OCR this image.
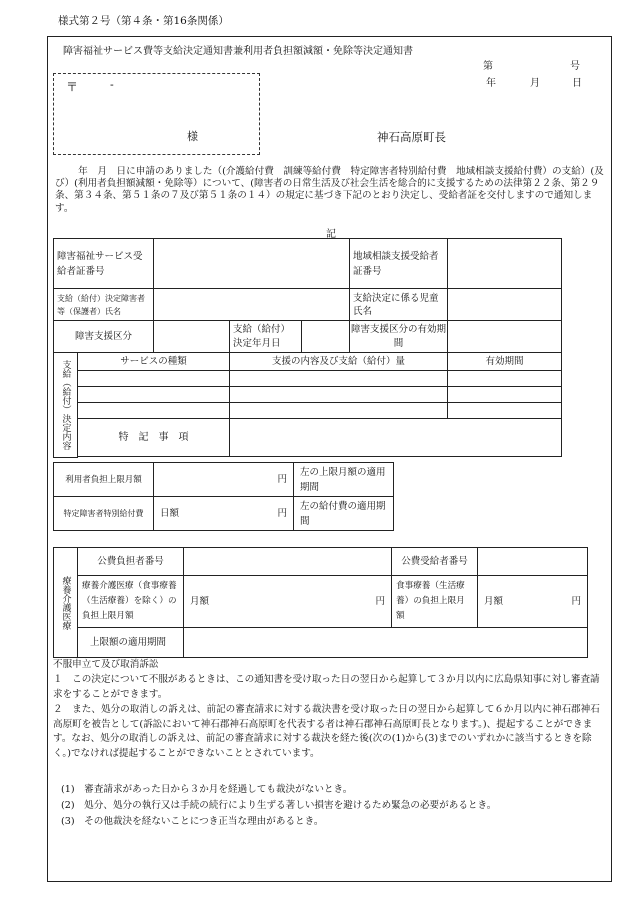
様式第２号（第４条・第16条関係）
障害福祉サービス費等支給決定通知書兼利用者負担額減額・免除等決定通知書
第	号
年	月	日
〒	-
様	神石高原町長
　　年　月　日に申請のありました（(介護給付費　訓練等給付費　特定障害者特別給付費　地域相談支援給付費）の支給）(及び）(利用者負担額減額・免除等）について、(障害者の日常生活及び社会生活を総合的に支援するための法律第２２条、第２９条、第３４条、第５１条の７及び第５１条の１４）の規定に基づき下記のとおり決定し、受給者証を交付しますので通知します。
記
障害福祉サービス受給者証番号					地域相談支援受給者証番号	

支給（給付）決定障害者等（保護者）氏名					支給決定に係る児童氏名	
障害支援区分			支給（給付）決定年月日		障害支援区分の有効期間	

支給（給付）決定内容	サービスの種類		支援の内容及び支給（給付）量			有効期間

	特　記　事　項					

利用者負担上限月額	円	左の上限月額の適用期間
特定障害者特別給付費	日額 円	左の給付費の適用期間
療養介護医療	公費負担者番号		公費受給者番号	

	療養介護医療（食事療養（生活療養）を除く）の負担上限月額	月額 円	食事療養（生活療養）の負担上限月額	月額 円

	上限額の適用期間			
不服申立て及び取消訴訟
１　この決定について不服があるときは、この通知書を受け取った日の翌日から起算して３か月以内に広島県知事に対し審査請求をすることができます。
２　また、処分の取消しの訴えは、前記の審査請求に対する裁決書を受け取った日の翌日から起算して６か月以内に神石郡神石高原町を被告として(訴訟において神石郡神石高原町を代表する者は神石郡神石高原町長となります。)、提起することができます。なお、処分の取消しの訴えは、前記の審査請求に対する裁決を経た後(次の(1)から(3)までのいずれかに該当するときを除く。)でなければ提起することができないこととされています。
(1)　審査請求があった日から３か月を経過しても裁決がないとき。
(2)　処分、処分の執行又は手続の続行により生ずる著しい損害を避けるため緊急の必要があるとき。
(3)　その他裁決を経ないことにつき正当な理由があるとき。
